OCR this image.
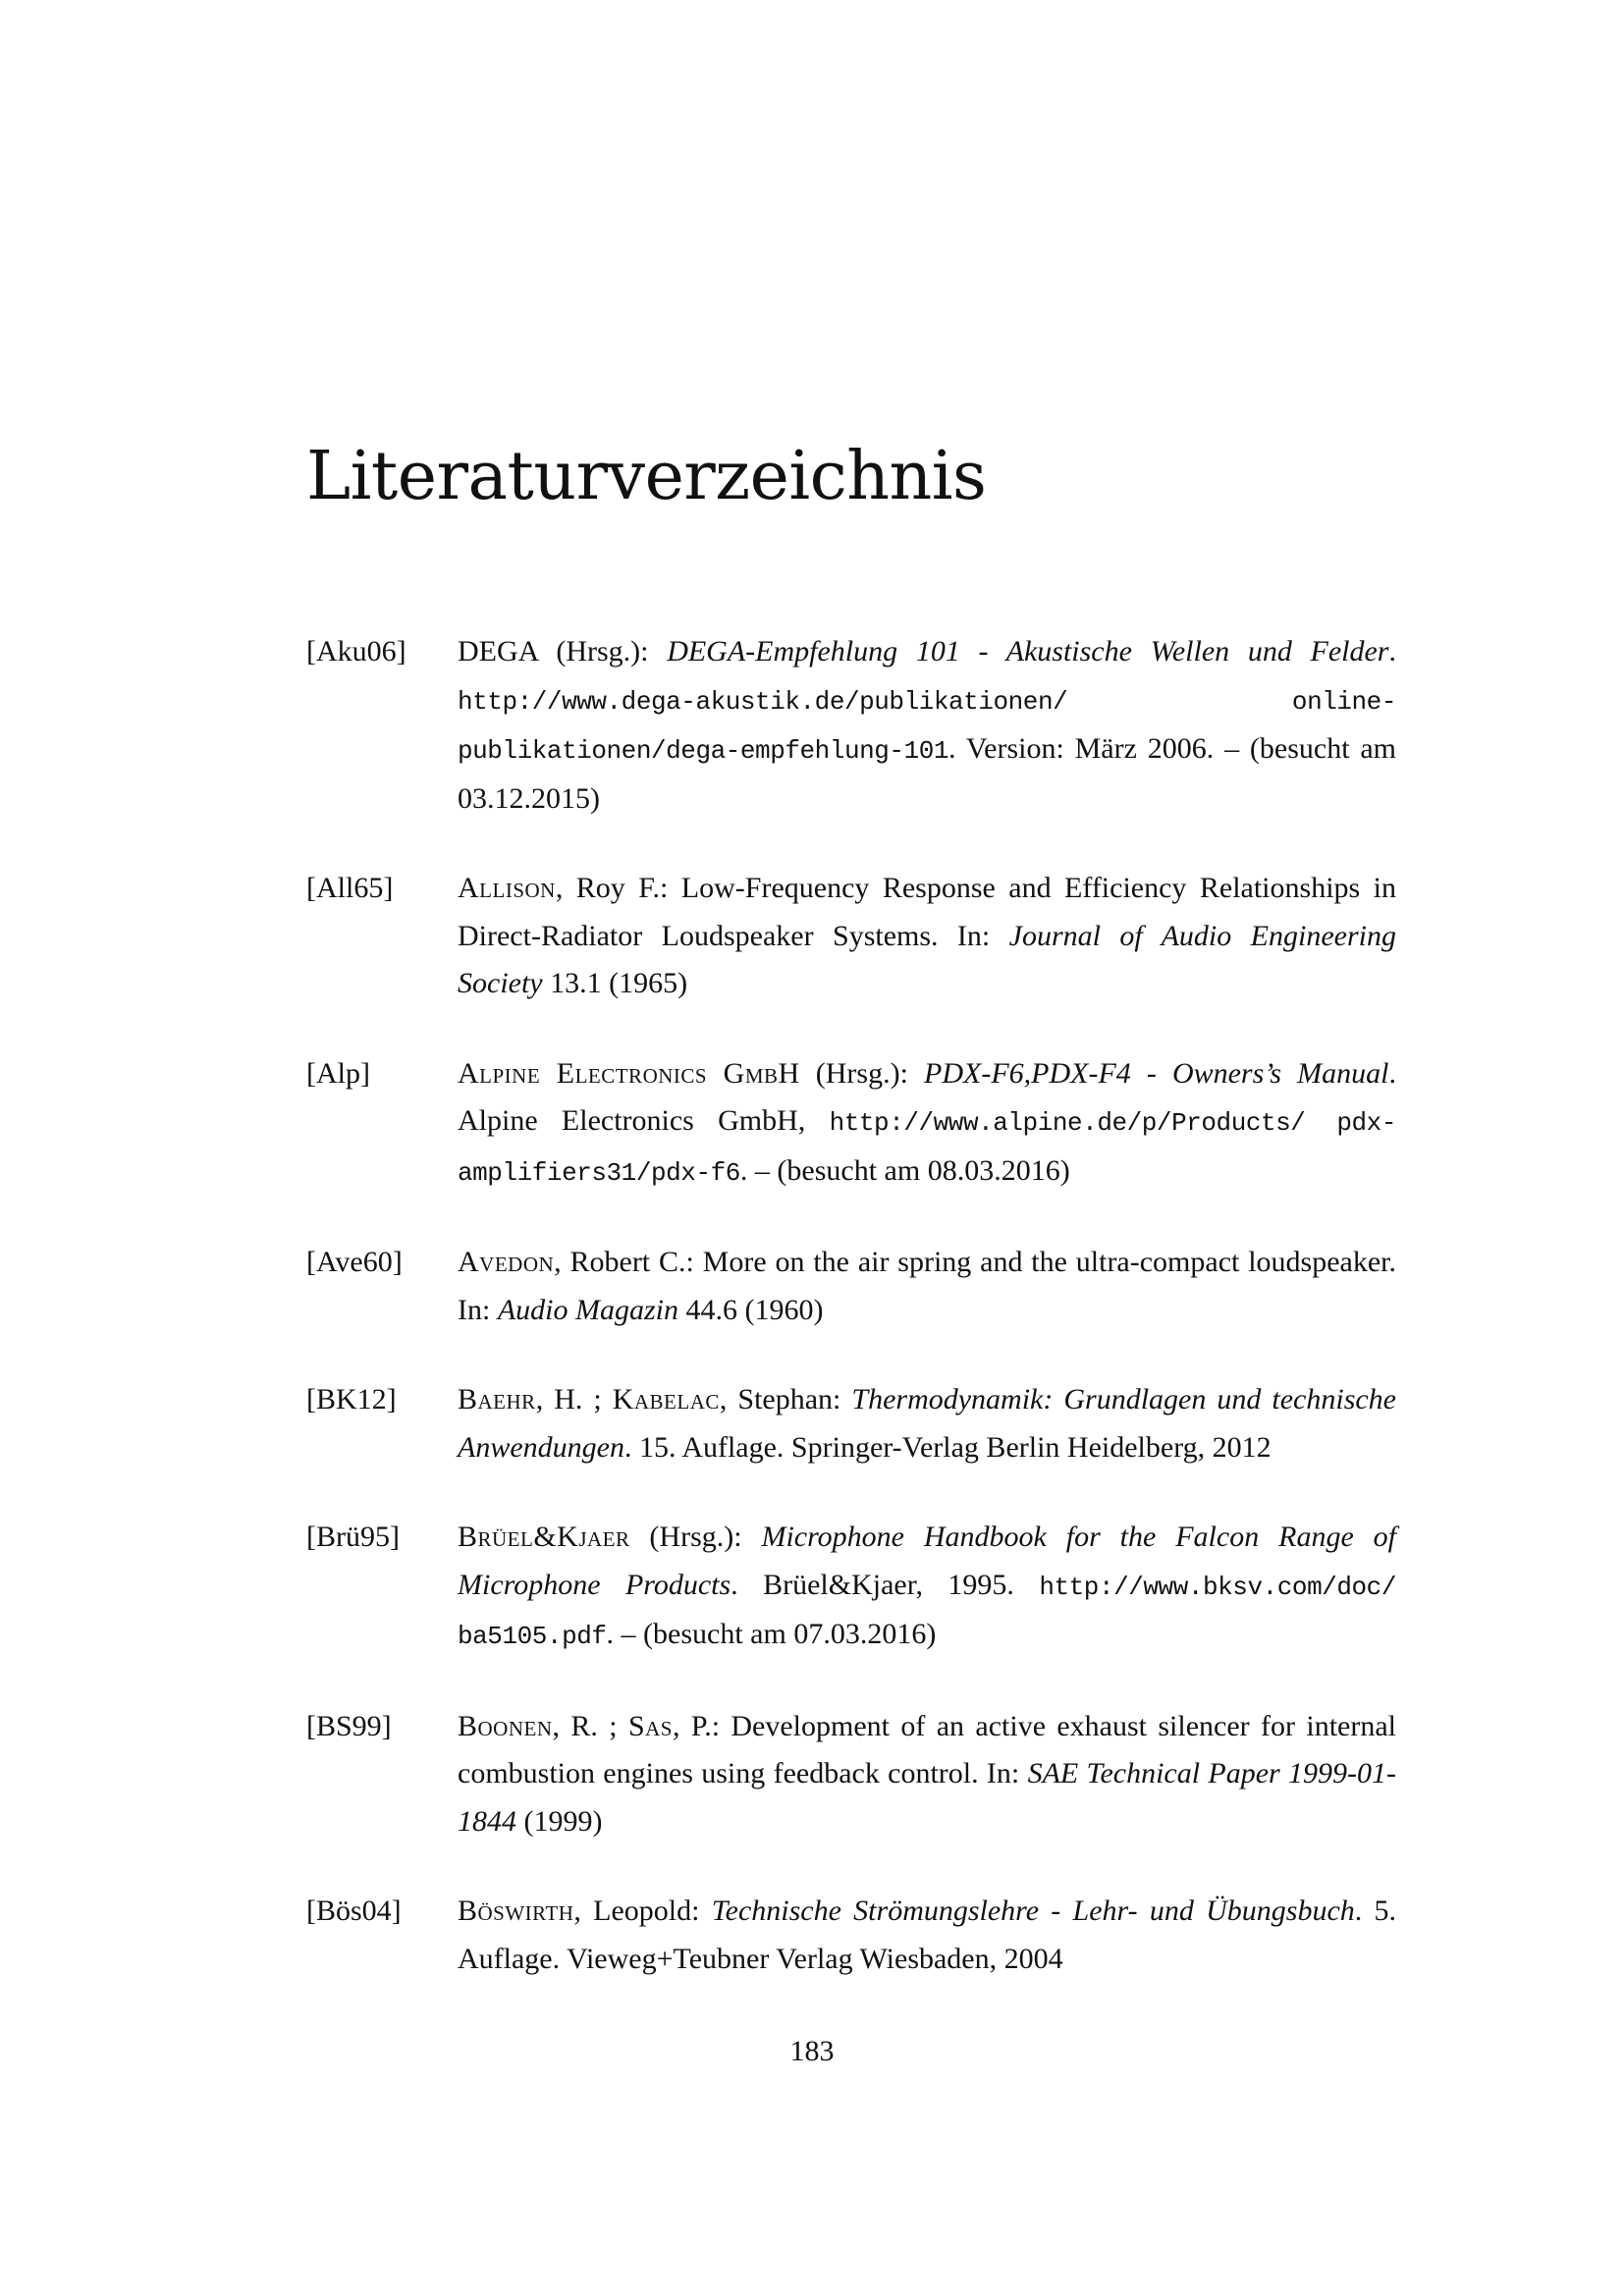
Literaturverzeichnis
[Aku06]	DEGA (Hrsg.): DEGA-Empfehlung 101 - Akustische Wellen und Felder. http://www.dega-akustik.de/publikationen/ online-publikationen/dega-empfehlung-101. Version: März 2006. – (besucht am 03.12.2015)
[All65]	Allison, Roy F.: Low-Frequency Response and Efficiency Relationships in Direct-Radiator Loudspeaker Systems. In: Journal of Audio Engineering Society 13.1 (1965)
[Alp]	Alpine Electronics GmbH (Hrsg.): PDX-F6,PDX-F4 - Owners’s Manual. Alpine Electronics GmbH, http://www.alpine.de/p/Products/ pdx-amplifiers31/pdx-f6. – (besucht am 08.03.2016)
[Ave60]	Avedon, Robert C.: More on the air spring and the ultra-compact loudspeaker. In: Audio Magazin 44.6 (1960)
[BK12]	Baehr, H. ; Kabelac, Stephan: Thermodynamik: Grundlagen und technische Anwendungen. 15. Auflage. Springer-Verlag Berlin Heidelberg, 2012
[Brü95]	Brüel&Kjaer (Hrsg.): Microphone Handbook for the Falcon Range of Microphone Products. Brüel&Kjaer, 1995. http://www.bksv.com/doc/ ba5105.pdf. – (besucht am 07.03.2016)
[BS99]	Boonen, R. ; Sas, P.: Development of an active exhaust silencer for internal combustion engines using feedback control. In: SAE Technical Paper 1999-01-1844 (1999)
[Bös04]	Böswirth, Leopold: Technische Strömungslehre - Lehr- und Übungsbuch. 5. Auflage. Vieweg+Teubner Verlag Wiesbaden, 2004
183
